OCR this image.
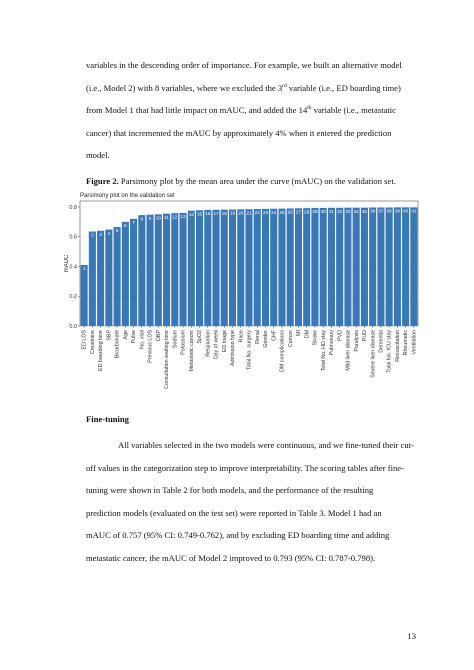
variables in the descending order of importance. For example, we built an alternative model
(i.e., Model 2) with 8 variables, where we excluded the 3rd variable (i.e., ED boarding time)
from Model 1 that had little impact on mAUC, and added the 14th variable (i.e., metastatic
cancer) that incremented the mAUC by approximately 4% when it entered the prediction
model.

Figure 2. Parsimony plot by the mean area under the curve (mAUC) on the validation set.

Parsimony plot on the validation set
1
2 3 4
5
6
7
8 9 10 11 12 13 14 15 16 17 18 19 20 21 22 23 24 25 26 27 28 29 30 31 32 33 34 35 36 37 38 39 40 41
0.0
0.2
0.4
0.6
0.8
ED LOS Creatinine ED boarding time SBP Bicarbonate Age Pulse No. visit Previous LOS DBP Consultation waiting time Sodium Potassium Metastatic cancer SpO2 Respiration Day of week ED triage Admission type Race Total No. surgery Renal Gender CHF DM complications Cancer MI DM Stroke Total No. HD stay Pulmonary PVD Mild liver disease Paralysis PUD Severe liver disease Dementia Total No. ICU stay Resuscitation Rheumatic Ventilation
mAUC
Fine-tuning

All variables selected in the two models were continuous, and we fine-tuned their cut-
off values in the categorization step to improve interpretability. The scoring tables after fine-
tuning were shown in Table 2 for both models, and the performance of the resulting
prediction models (evaluated on the test set) were reported in Table 3. Model 1 had an
mAUC of 0.757 (95% CI: 0.749-0.762), and by excluding ED boarding time and adding
metastatic cancer, the mAUC of Model 2 improved to 0.793 (95% CI: 0.787-0.798).

13
